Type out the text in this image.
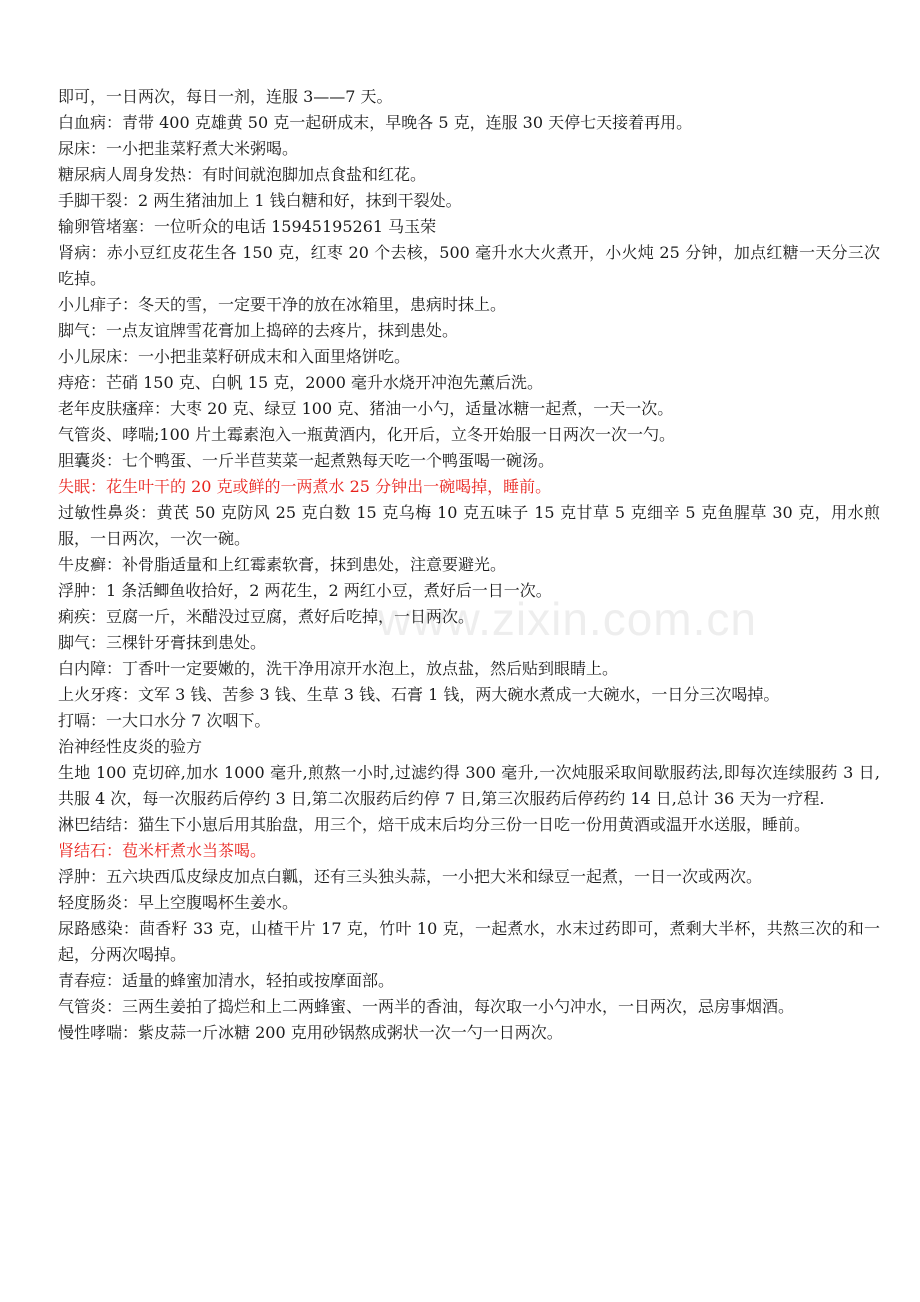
www.zixin.com.cn

即可，一日两次，每日一剂，连服 3——7 天。

白血病：青带 400 克雄黄 50 克一起研成末，早晚各 5 克，连服 30 天停七天接着再用。

尿床：一小把韭菜籽煮大米粥喝。

糖尿病人周身发热：有时间就泡脚加点食盐和红花。

手脚干裂：2 两生猪油加上 1 钱白糖和好，抹到干裂处。

输卵管堵塞：一位听众的电话 15945195261 马玉荣

肾病：赤小豆红皮花生各 150 克，红枣 20 个去核，500 毫升水大火煮开，小火炖 25 分钟，加点红糖一天分三次吃掉。

小儿痱子：冬天的雪，一定要干净的放在冰箱里，患病时抹上。

脚气：一点友谊牌雪花膏加上捣碎的去疼片，抹到患处。

小儿尿床：一小把韭菜籽研成末和入面里烙饼吃。

痔疮：芒硝 150 克、白帆 15 克，2000 毫升水烧开冲泡先薰后洗。

老年皮肤瘙痒：大枣 20 克、绿豆 100 克、猪油一小勺，适量冰糖一起煮，一天一次。

气管炎、哮喘;100 片土霉素泡入一瓶黄酒内，化开后，立冬开始服一日两次一次一勺。

胆囊炎：七个鸭蛋、一斤半苣荬菜一起煮熟每天吃一个鸭蛋喝一碗汤。

失眠：花生叶干的 20 克或鲜的一两煮水 25 分钟出一碗喝掉，睡前。

过敏性鼻炎：黄芪 50 克防风 25 克白数 15 克乌梅 10 克五味子 15 克甘草 5 克细辛 5 克鱼腥草 30 克，用水煎服，一日两次，一次一碗。

牛皮癣：补骨脂适量和上红霉素软膏，抹到患处，注意要避光。

浮肿：1 条活鲫鱼收拾好，2 两花生，2 两红小豆，煮好后一日一次。

痢疾：豆腐一斤，米醋没过豆腐，煮好后吃掉，一日两次。

脚气：三棵针牙膏抹到患处。

白内障：丁香叶一定要嫩的，洗干净用凉开水泡上，放点盐，然后贴到眼睛上。

上火牙疼：文军 3 钱、苦参 3 钱、生草 3 钱、石膏 1 钱，两大碗水煮成一大碗水，一日分三次喝掉。

打嗝：一大口水分 7 次咽下。

治神经性皮炎的验方

生地 100 克切碎,加水 1000 毫升,煎熬一小时,过滤约得 300 毫升,一次炖服采取间歇服药法,即每次连续服药 3 日,共服 4 次，每一次服药后停约 3 日,第二次服药后约停 7 日,第三次服药后停药约 14 日,总计 36 天为一疗程.

淋巴结结：猫生下小崽后用其胎盘，用三个，焙干成末后均分三份一日吃一份用黄酒或温开水送服，睡前。

肾结石：苞米杆煮水当茶喝。

浮肿：五六块西瓜皮绿皮加点白瓤，还有三头独头蒜，一小把大米和绿豆一起煮，一日一次或两次。

轻度肠炎：早上空腹喝杯生姜水。

尿路感染：茴香籽 33 克，山楂干片 17 克，竹叶 10 克，一起煮水，水末过药即可，煮剩大半杯，共熬三次的和一起，分两次喝掉。

青春痘：适量的蜂蜜加清水，轻拍或按摩面部。

气管炎：三两生姜拍了捣烂和上二两蜂蜜、一两半的香油，每次取一小勺冲水，一日两次，忌房事烟酒。

慢性哮喘：紫皮蒜一斤冰糖 200 克用砂锅熬成粥状一次一勺一日两次。
